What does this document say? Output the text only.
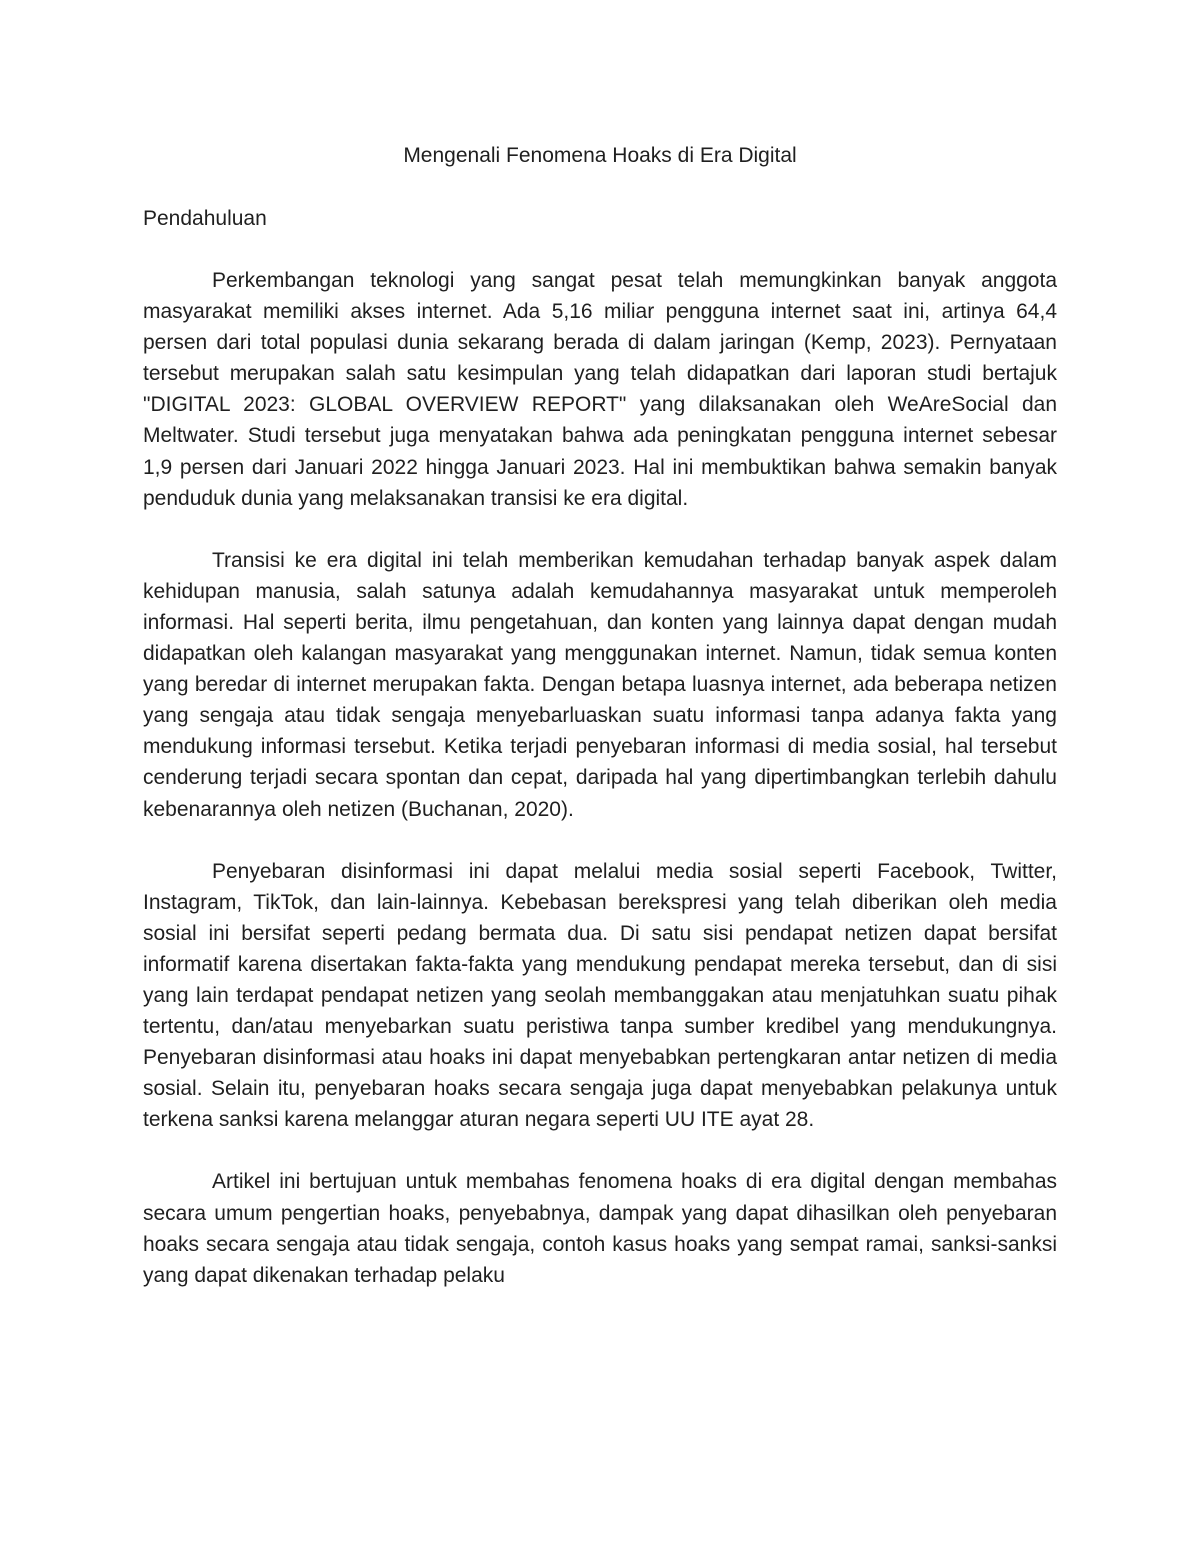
Mengenali Fenomena Hoaks di Era Digital
Pendahuluan

Perkembangan teknologi yang sangat pesat telah memungkinkan banyak anggota masyarakat memiliki akses internet. Ada 5,16 miliar pengguna internet saat ini, artinya 64,4 persen dari total populasi dunia sekarang berada di dalam jaringan (Kemp, 2023). Pernyataan tersebut merupakan salah satu kesimpulan yang telah didapatkan dari laporan studi bertajuk "DIGITAL 2023: GLOBAL OVERVIEW REPORT" yang dilaksanakan oleh WeAreSocial dan Meltwater. Studi tersebut juga menyatakan bahwa ada peningkatan pengguna internet sebesar 1,9 persen dari Januari 2022 hingga Januari 2023. Hal ini membuktikan bahwa semakin banyak penduduk dunia yang melaksanakan transisi ke era digital.

Transisi ke era digital ini telah memberikan kemudahan terhadap banyak aspek dalam kehidupan manusia, salah satunya adalah kemudahannya masyarakat untuk memperoleh informasi. Hal seperti berita, ilmu pengetahuan, dan konten yang lainnya dapat dengan mudah didapatkan oleh kalangan masyarakat yang menggunakan internet. Namun, tidak semua konten yang beredar di internet merupakan fakta. Dengan betapa luasnya internet, ada beberapa netizen yang sengaja atau tidak sengaja menyebarluaskan suatu informasi tanpa adanya fakta yang mendukung informasi tersebut. Ketika terjadi penyebaran informasi di media sosial, hal tersebut cenderung terjadi secara spontan dan cepat, daripada hal yang dipertimbangkan terlebih dahulu kebenarannya oleh netizen (Buchanan, 2020).

Penyebaran disinformasi ini dapat melalui media sosial seperti Facebook, Twitter, Instagram, TikTok, dan lain-lainnya. Kebebasan berekspresi yang telah diberikan oleh media sosial ini bersifat seperti pedang bermata dua. Di satu sisi pendapat netizen dapat bersifat informatif karena disertakan fakta-fakta yang mendukung pendapat mereka tersebut, dan di sisi yang lain terdapat pendapat netizen yang seolah membanggakan atau menjatuhkan suatu pihak tertentu, dan/atau menyebarkan suatu peristiwa tanpa sumber kredibel yang mendukungnya. Penyebaran disinformasi atau hoaks ini dapat menyebabkan pertengkaran antar netizen di media sosial. Selain itu, penyebaran hoaks secara sengaja juga dapat menyebabkan pelakunya untuk terkena sanksi karena melanggar aturan negara seperti UU ITE ayat 28.

Artikel ini bertujuan untuk membahas fenomena hoaks di era digital dengan membahas secara umum pengertian hoaks, penyebabnya, dampak yang dapat dihasilkan oleh penyebaran hoaks secara sengaja atau tidak sengaja, contoh kasus hoaks yang sempat ramai, sanksi-sanksi yang dapat dikenakan terhadap pelaku
